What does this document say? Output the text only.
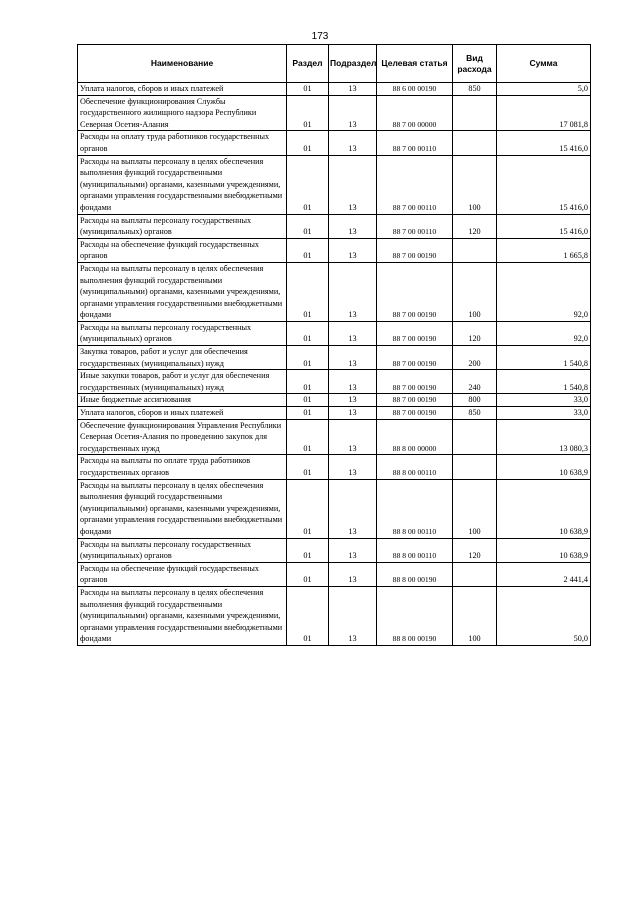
173
Наименование	Раздел	Подраздел	Целевая статья	Вид расхода	Сумма
Уплата налогов, сборов и иных платежей	01	13	88 6 00 00190	850	5,0
Обеспечение функционирования Службы государственного жилищного надзора Республики Северная Осетия-Алания	01	13	88 7 00 00000		17 081,8
Расходы на оплату труда работников государственных органов	01	13	88 7 00 00110		15 416,0
Расходы на выплаты персоналу в целях обеспечения выполнения функций государственными (муниципальными) органами, казенными учреждениями, органами управления государственными внебюджетными фондами	01	13	88 7 00 00110	100	15 416,0
Расходы на выплаты персоналу государственных (муниципальных) органов	01	13	88 7 00 00110	120	15 416,0
Расходы на обеспечение функций государственных органов	01	13	88 7 00 00190		1 665,8
Расходы на выплаты персоналу в целях обеспечения выполнения функций государственными (муниципальными) органами, казенными учреждениями, органами управления государственными внебюджетными фондами	01	13	88 7 00 00190	100	92,0
Расходы на выплаты персоналу государственных (муниципальных) органов	01	13	88 7 00 00190	120	92,0
Закупка товаров, работ и услуг для обеспечения государственных (муниципальных) нужд	01	13	88 7 00 00190	200	1 540,8
Иные закупки товаров, работ и услуг для обеспечения государственных (муниципальных) нужд	01	13	88 7 00 00190	240	1 540,8
Иные бюджетные ассигнования	01	13	88 7 00 00190	800	33,0
Уплата налогов, сборов и иных платежей	01	13	88 7 00 00190	850	33,0
Обеспечение функционирования Управления Республики Северная Осетия-Алания по проведению закупок для государственных нужд	01	13	88 8 00 00000		13 080,3
Расходы на выплаты по оплате труда работников государственных органов	01	13	88 8 00 00110		10 638,9
Расходы на выплаты персоналу в целях обеспечения выполнения функций государственными (муниципальными) органами, казенными учреждениями, органами управления государственными внебюджетными фондами	01	13	88 8 00 00110	100	10 638,9
Расходы на выплаты персоналу государственных (муниципальных) органов	01	13	88 8 00 00110	120	10 638,9
Расходы на обеспечение функций государственных органов	01	13	88 8 00 00190		2 441,4
Расходы на выплаты персоналу в целях обеспечения выполнения функций государственными (муниципальными) органами, казенными учреждениями, органами управления государственными внебюджетными фондами	01	13	88 8 00 00190	100	50,0
